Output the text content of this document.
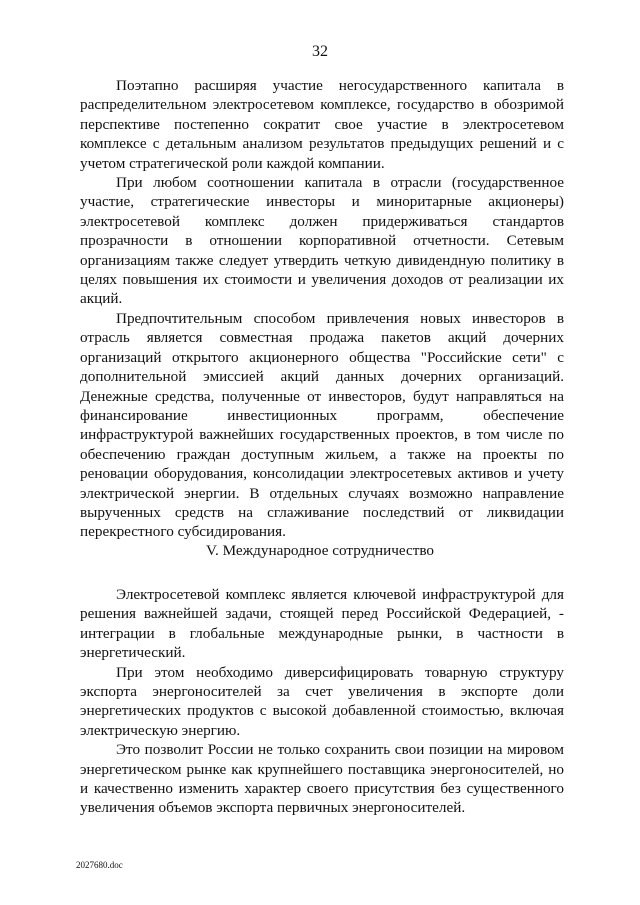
32

Поэтапно расширяя участие негосударственного капитала в распределительном электросетевом комплексе, государство в обозримой перспективе постепенно сократит свое участие в электросетевом комплексе с детальным анализом результатов предыдущих решений и с учетом стратегической роли каждой компании.

При любом соотношении капитала в отрасли (государственное участие, стратегические инвесторы и миноритарные акционеры) электросетевой комплекс должен придерживаться стандартов прозрачности в отношении корпоративной отчетности. Сетевым организациям также следует утвердить четкую дивидендную политику в целях повышения их стоимости и увеличения доходов от реализации их акций.

Предпочтительным способом привлечения новых инвесторов в отрасль является совместная продажа пакетов акций дочерних организаций открытого акционерного общества "Российские сети" с дополнительной эмиссией акций данных дочерних организаций. Денежные средства, полученные от инвесторов, будут направляться на финансирование инвестиционных программ, обеспечение инфраструктурой важнейших государственных проектов, в том числе по обеспечению граждан доступным жильем, а также на проекты по реновации оборудования, консолидации электросетевых активов и учету электрической энергии. В отдельных случаях возможно направление вырученных средств на сглаживание последствий от ликвидации перекрестного субсидирования.

V. Международное сотрудничество

Электросетевой комплекс является ключевой инфраструктурой для решения важнейшей задачи, стоящей перед Российской Федерацией, - интеграции в глобальные международные рынки, в частности в энергетический.

При этом необходимо диверсифицировать товарную структуру экспорта энергоносителей за счет увеличения в экспорте доли энергетических продуктов с высокой добавленной стоимостью, включая электрическую энергию.

Это позволит России не только сохранить свои позиции на мировом энергетическом рынке как крупнейшего поставщика энергоносителей, но и качественно изменить характер своего присутствия без существенного увеличения объемов экспорта первичных энергоносителей.

2027680.doc
